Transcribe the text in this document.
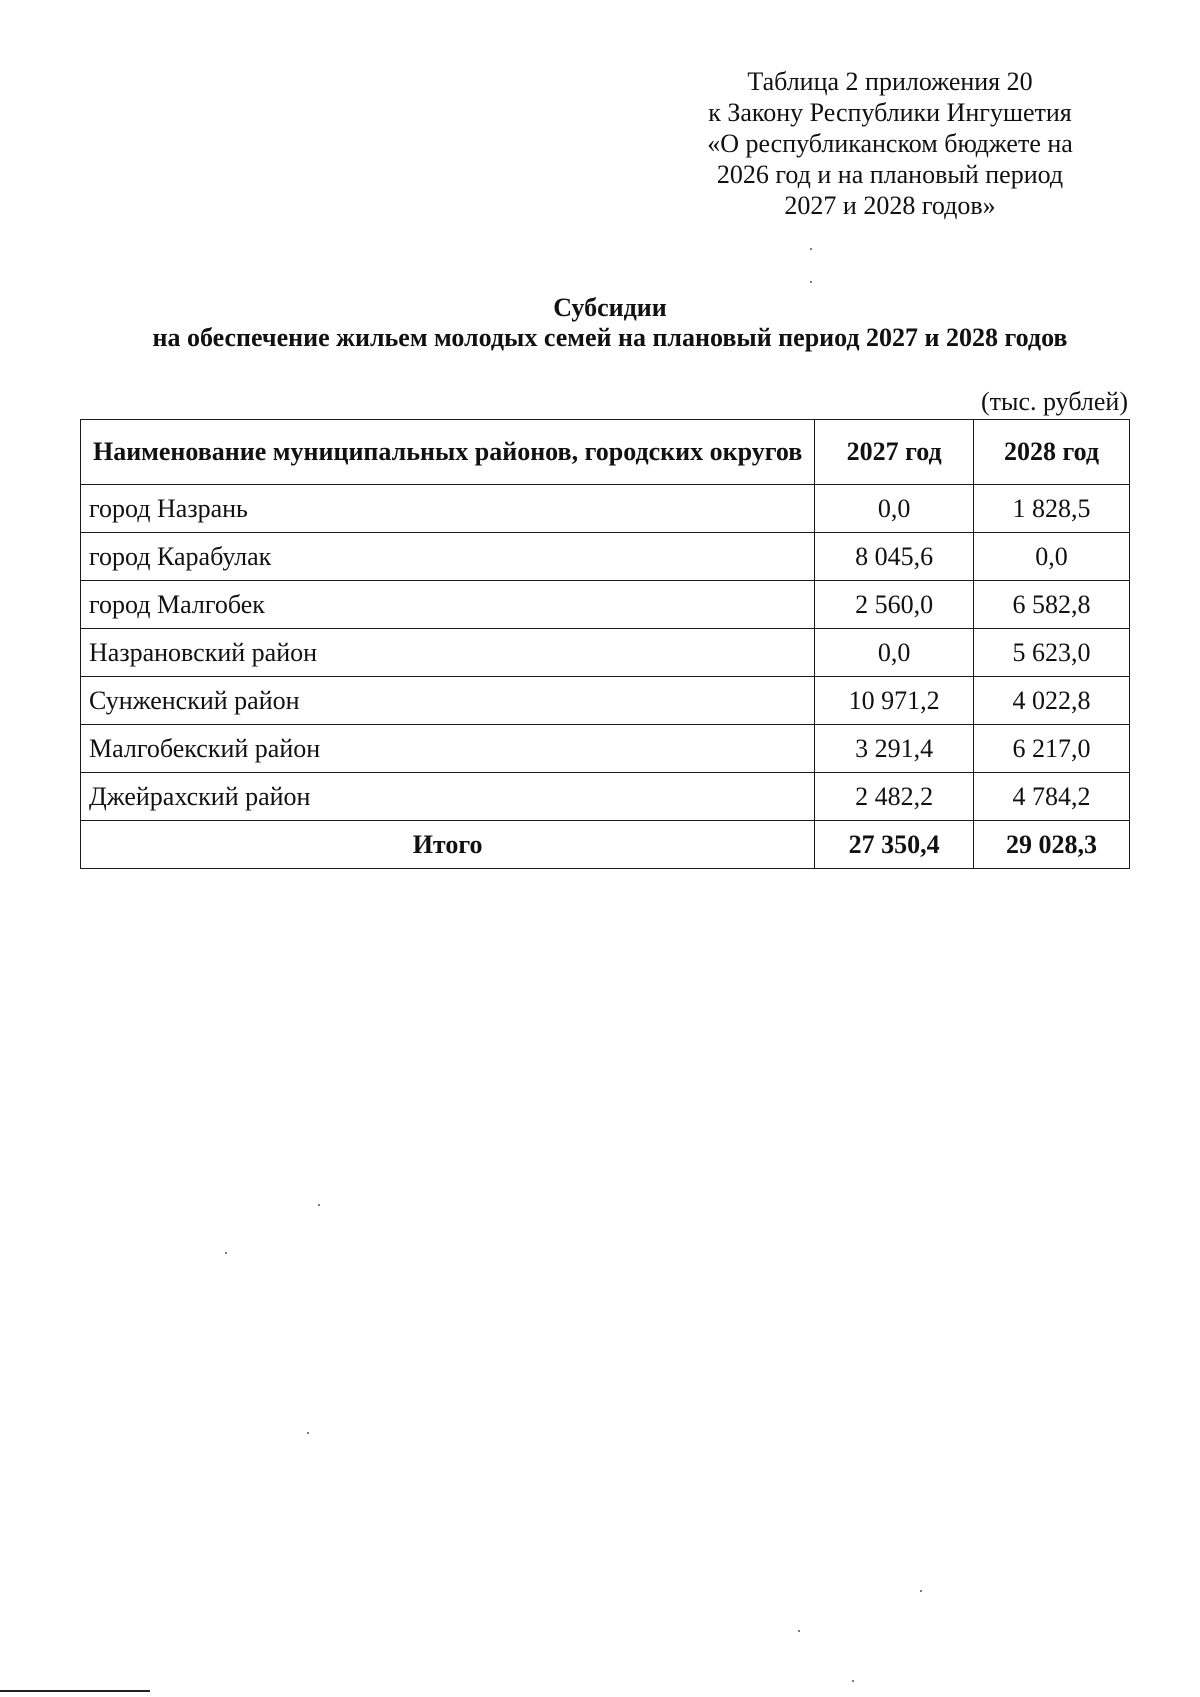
Таблица 2 приложения 20
к Закону Республики Ингушетия
«О республиканском бюджете на
2026 год и на плановый период
2027 и 2028 годов»
Субсидии
на обеспечение жильем молодых семей на плановый период 2027 и 2028 годов
(тыс. рублей)
Наименование муниципальных районов, городских округов	2027 год	2028 год
город Назрань	0,0	1 828,5
город Карабулак	8 045,6	0,0
город Малгобек	2 560,0	6 582,8
Назрановский район	0,0	5 623,0
Сунженский район	10 971,2	4 022,8
Малгобекский район	3 291,4	6 217,0
Джейрахский район	2 482,2	4 784,2
Итого	27 350,4	29 028,3
